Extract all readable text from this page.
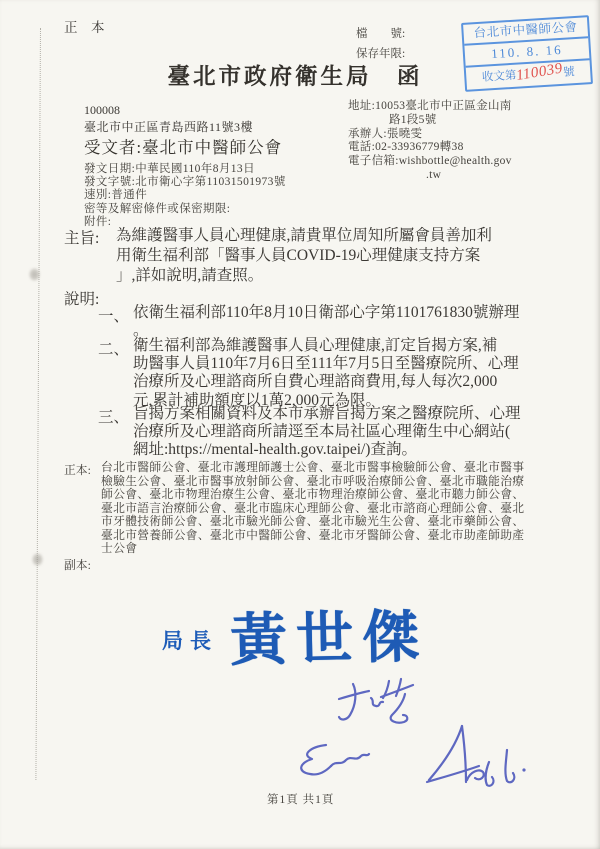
正　本	檔　　號:
保存年限:
臺北市政府衛生局　函
台北市中醫師公會
110. 8. 16
收文第110039號
100008
臺北市中正區青島西路11號3樓
受文者:臺北市中醫師公會
發文日期:中華民國110年8月13日
發文字號:北市衛心字第11031501973號
速別:普通件
密等及解密條件或保密期限:
附件:
地址:10053臺北市中正區金山南
路1段5號
承辦人:張曉雯
電話:02-33936779轉38
電子信箱:wishbottle@health.gov
.tw
主旨:	為維護醫事人員心理健康,請貴單位周知所屬會員善加利
用衛生福利部「醫事人員COVID-19心理健康支持方案
」,詳如說明,請查照。
說明:
一、 依衛生福利部110年8月10日衛部心字第1101761830號辦理
。
二、 衛生福利部為維護醫事人員心理健康,訂定旨揭方案,補
助醫事人員110年7月6日至111年7月5日至醫療院所、心理
治療所及心理諮商所自費心理諮商費用,每人每次2,000
元,累計補助額度以1萬2,000元為限。
三、 旨揭方案相關資料及本市承辦旨揭方案之醫療院所、心理
治療所及心理諮商所請逕至本局社區心理衛生中心網站(
網址:https://mental-health.gov.taipei/)查詢。
正本: 台北市醫師公會、臺北市護理師護士公會、臺北市醫事檢驗師公會、臺北市醫事
檢驗生公會、臺北市醫事放射師公會、臺北市呼吸治療師公會、臺北市職能治療
師公會、臺北市物理治療生公會、臺北市物理治療師公會、臺北市聽力師公會、
臺北市語言治療師公會、臺北市臨床心理師公會、臺北市諮商心理師公會、臺北
市牙體技術師公會、臺北市驗光師公會、臺北市驗光生公會、臺北市藥師公會、
臺北市營養師公會、臺北市中醫師公會、臺北市牙醫師公會、臺北市助產師助產
士公會
副本:
局長 黃世傑
第1頁 共1頁
